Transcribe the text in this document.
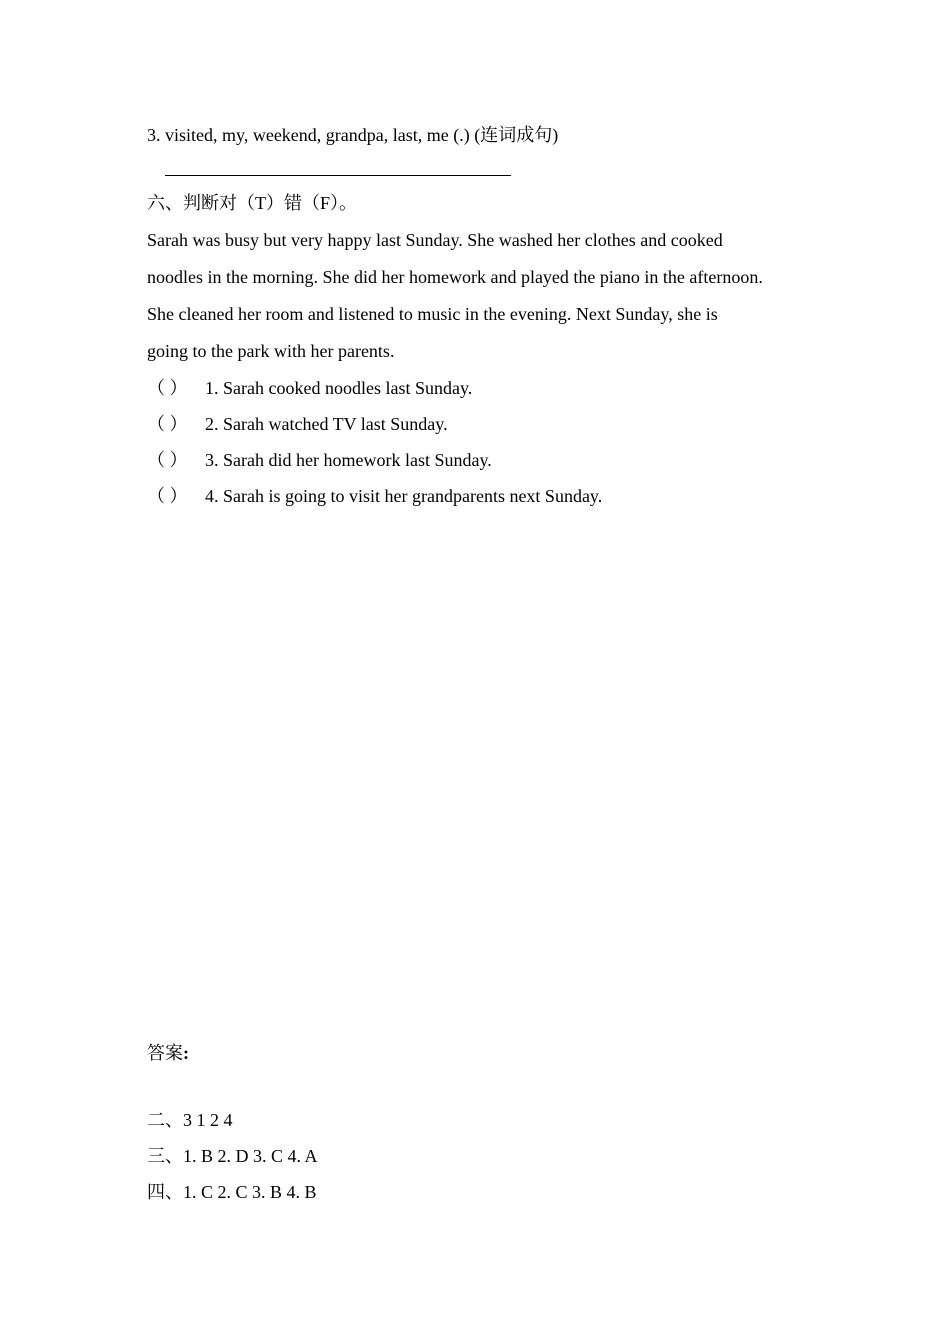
3. visited, my, weekend, grandpa, last, me (.) (连词成句)
六、判断对（T）错（F）。
Sarah was busy but very happy last Sunday. She washed her clothes and cooked
noodles in the morning. She did her homework and played the piano in the afternoon.
She cleaned her room and listened to music in the evening. Next Sunday, she is
going to the park with her parents.
（ ） 1. Sarah cooked noodles last Sunday.
（ ） 2. Sarah watched TV last Sunday.
（ ） 3. Sarah did her homework last Sunday.
（ ） 4. Sarah is going to visit her grandparents next Sunday.
答案:
二、3 1 2 4
三、1. B 2. D 3. C 4. A
四、1. C 2. C 3. B 4. B
